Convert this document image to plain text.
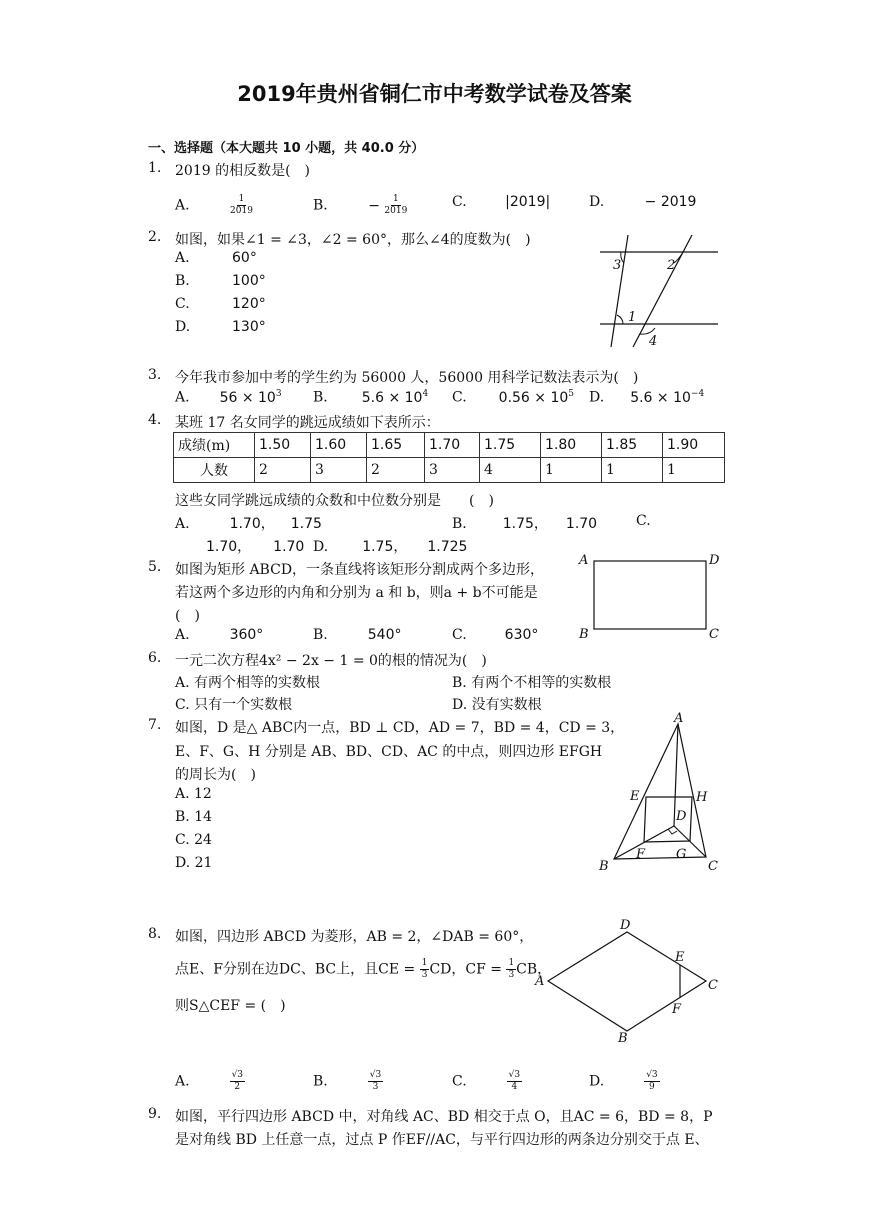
2019年贵州省铜仁市中考数学试卷及答案
一、选择题（本大题共 10 小题，共 40.0 分）
1. 2019 的相反数是(　)
A.	$\frac{1}{2019}$	B.	− $\frac{1}{2019}$	C.	|2019|	D.	− 2019
2. 如图，如果∠1 = ∠3，∠2 = 60°，那么∠4的度数为(　)
A.	60°
B.	100°
C.	120°
D.	130°
3	2
1
4
3. 今年我市参加中考的学生约为 56000 人，56000 用科学记数法表示为(　)
A. $56 \times 10^3$ B. $5.6 \times 10^4$ C. $0.56 \times 10^5$ D. $5.6 \times 10^{-4}$
4. 某班 17 名女同学的跳远成绩如下表所示：
成绩(m)	1.50	1.60	1.65	1.70	1.75	1.80	1.85	1.90
人数	2	3	2	3	4	1	1	1
这些女同学跳远成绩的众数和中位数分别是　　(　)
A.	1.70， 1.75	B.	1.75， 1.70	C.
1.70， 1.70 D. 1.75， 1.725
5. 如图为矩形 ABCD，一条直线将该矩形分割成两个多边形，
若这两个多边形的内角和分别为 a 和 b，则a + b不可能是
(　)
A.	360°	B.	540°	C.	630°
A	D
B	C
6. 一元二次方程4x² − 2x − 1 = 0的根的情况为(　)
A. 有两个相等的实数根	B. 有两个不相等的实数根
C. 只有一个实数根	D. 没有实数根
7. 如图，D 是△ ABC内一点，BD ⊥ CD，AD = 7，BD = 4，CD = 3，
E、F、G、H 分别是 AB、BD、CD、AC 的中点，则四边形 EFGH
的周长为(　)
A. 12
B. 14
C. 24
D. 21
A
E	H
D
F G
B	C
8. 如图，四边形 ABCD 为菱形，AB = 2，∠DAB = 60°，
点E、F分别在边DC、BC上，且CE = $\frac{1}{3}$ CD，CF = $\frac{1}{3}$ CB，
则S△CEF = (　)
A.	$\frac{√3}{2}$	B.	$\frac{√3}{3}$	C.	$\frac{√3}{4}$	D.	$\frac{√3}{9}$
D
A	C
B
E
F
9. 如图，平行四边形 ABCD 中，对角线 AC、BD 相交于点 O，且AC = 6，BD = 8，P
是对角线 BD 上任意一点，过点 P 作EF//AC，与平行四边形的两条边分别交于点 E、
